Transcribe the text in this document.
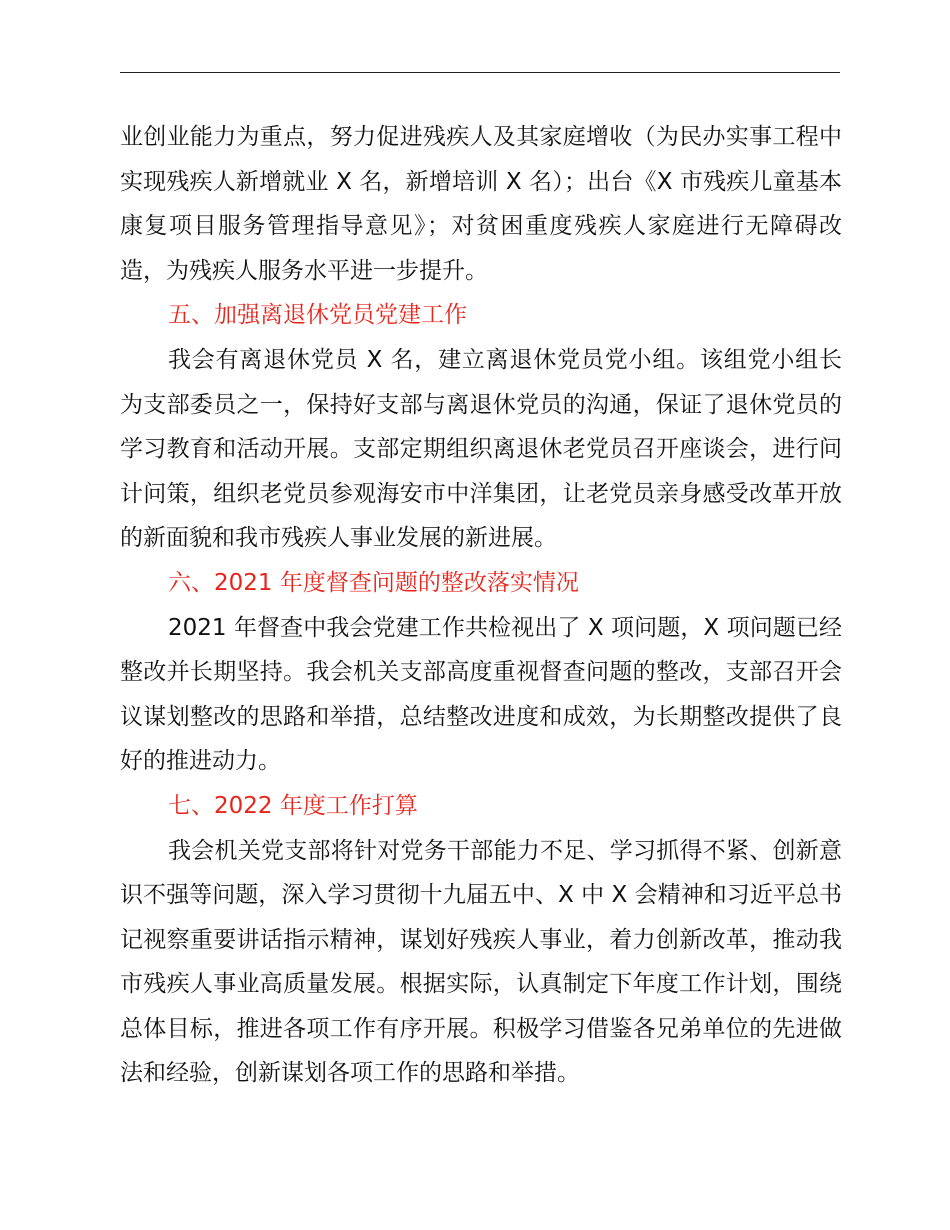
业创业能力为重点，努力促进残疾人及其家庭增收（为民办实事工程中实现残疾人新增就业 X 名，新增培训 X 名）；出台《X 市残疾儿童基本康复项目服务管理指导意见》；对贫困重度残疾人家庭进行无障碍改造，为残疾人服务水平进一步提升。

五、加强离退休党员党建工作

我会有离退休党员 X 名，建立离退休党员党小组。该组党小组长为支部委员之一，保持好支部与离退休党员的沟通，保证了退休党员的学习教育和活动开展。支部定期组织离退休老党员召开座谈会，进行问计问策，组织老党员参观海安市中洋集团，让老党员亲身感受改革开放的新面貌和我市残疾人事业发展的新进展。

六、2021 年度督查问题的整改落实情况

2021 年督查中我会党建工作共检视出了 X 项问题，X 项问题已经整改并长期坚持。我会机关支部高度重视督查问题的整改，支部召开会议谋划整改的思路和举措，总结整改进度和成效，为长期整改提供了良好的推进动力。

七、2022 年度工作打算

我会机关党支部将针对党务干部能力不足、学习抓得不紧、创新意识不强等问题，深入学习贯彻十九届五中、X 中 X 会精神和习近平总书记视察重要讲话指示精神，谋划好残疾人事业，着力创新改革，推动我市残疾人事业高质量发展。根据实际，认真制定下年度工作计划，围绕总体目标，推进各项工作有序开展。积极学习借鉴各兄弟单位的先进做法和经验，创新谋划各项工作的思路和举措。
